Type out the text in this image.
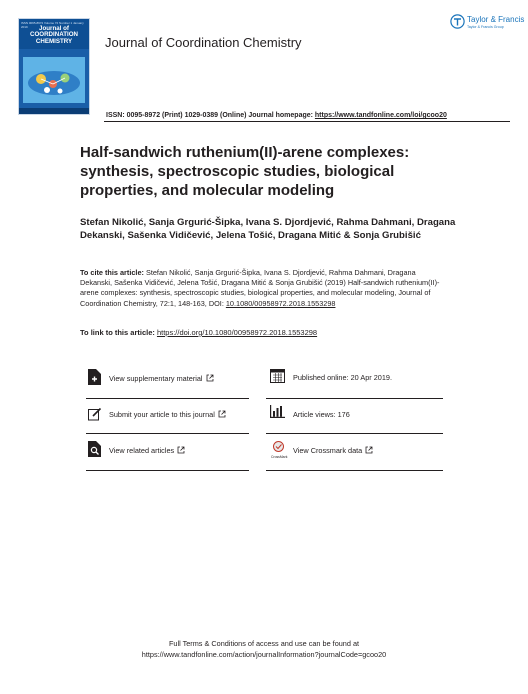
ISSN 0095-8972 Volume 72 Number 1 January 2019	Journal of
COORDINATION
CHEMISTRY	Journal of Coordination Chemistry
Taylor & Francis
Taylor & Francis Group
ISSN: 0095-8972 (Print) 1029-0389 (Online) Journal homepage: https://www.tandfonline.com/loi/gcoo20
Half-sandwich ruthenium(II)-arene complexes: synthesis, spectroscopic studies, biological properties, and molecular modeling
Stefan Nikolić, Sanja Grgurić-Šipka, Ivana S. Djordjević, Rahma Dahmani, Dragana Dekanski, Sašenka Vidičević, Jelena Tošić, Dragana Mitić & Sonja Grubišić
To cite this article: Stefan Nikolić, Sanja Grgurić-Šipka, Ivana S. Djordjević, Rahma Dahmani, Dragana Dekanski, Sašenka Vidičević, Jelena Tošić, Dragana Mitić & Sonja Grubišić (2019) Half-sandwich ruthenium(II)-arene complexes: synthesis, spectroscopic studies, biological properties, and molecular modeling, Journal of Coordination Chemistry, 72:1, 148-163, DOI: 10.1080/00958972.2018.1553298
To link to this article: https://doi.org/10.1080/00958972.2018.1553298
View supplementary material
Submit your article to this journal
View related articles
Published online: 20 Apr 2019.
Article views: 176
CrossMark
View Crossmark data
Full Terms & Conditions of access and use can be found at
https://www.tandfonline.com/action/journalInformation?journalCode=gcoo20
